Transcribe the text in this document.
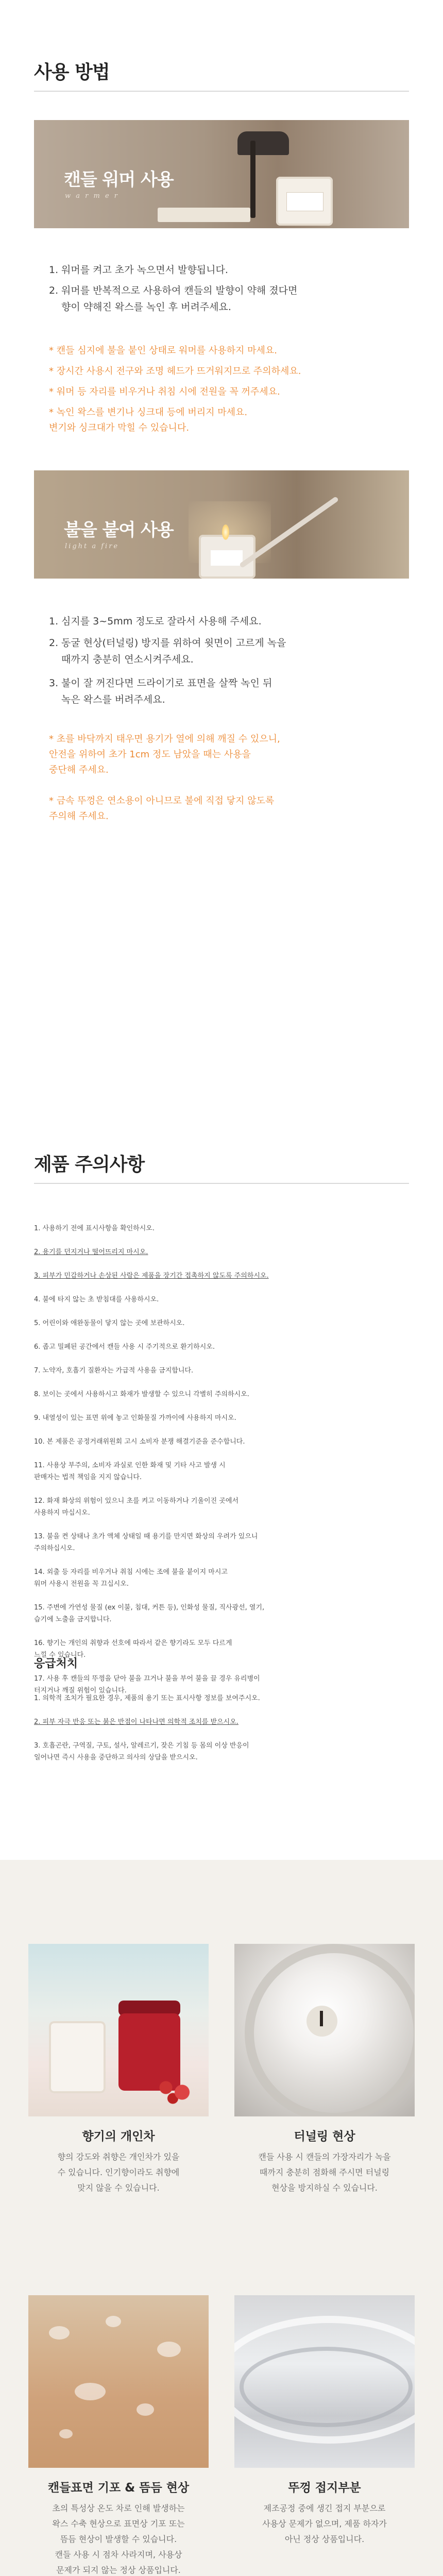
사용 방법
캔들 워머 사용
w a r m e r
1. 워머를 켜고 초가 녹으면서 발향됩니다.
2. 워머를 반복적으로 사용하여 캔들의 발향이 약해 졌다면
향이 약해진 왁스를 녹인 후 버려주세요.
* 캔들 심지에 불을 붙인 상태로 워머를 사용하지 마세요.
* 장시간 사용시 전구와 조명 헤드가 뜨거워지므로 주의하세요.
* 워머 등 자리를 비우거나 취침 시에 전원을 꼭 꺼주세요.
* 녹인 왁스를 변기나 싱크대 등에 버리지 마세요.
변기와 싱크대가 막힐 수 있습니다.
불을 붙여 사용
light a fire
1. 심지를 3~5mm 정도로 잘라서 사용해 주세요.
2. 동굴 현상(터널링) 방지를 위하여 윗면이 고르게 녹을
때까지 충분히 연소시켜주세요.
3. 불이 잘 꺼진다면 드라이기로 표면을 살짝 녹인 뒤
녹은 왁스를 버려주세요.
* 초를 바닥까지 태우면 용기가 열에 의해 깨질 수 있으니,
안전을 위하여 초가 1cm 정도 남았을 때는 사용을
중단해 주세요.
* 금속 뚜껑은 연소용이 아니므로 불에 직접 닿지 않도록
주의해 주세요.
제품 주의사항

1. 사용하기 전에 표시사항을 확인하시오.

2. 용기를 던지거나 떨어뜨리지 마시오.

3. 피부가 민감하거나 손상된 사람은 제품을 장기간 접촉하지 않도록 주의하시오.

4. 불에 타지 않는 초 받침대를 사용하시오.

5. 어린이와 애완동물이 닿지 않는 곳에 보관하시오.

6. 좁고 밀폐된 공간에서 캔들 사용 시 주기적으로 환기하시오.

7. 노약자, 호흡기 질환자는 가급적 사용을 금지합니다.

8. 보이는 곳에서 사용하시고 화재가 발생할 수 있으니 각별히 주의하시오.

9. 내열성이 있는 표면 위에 놓고 인화물질 가까이에 사용하지 마시오.

10. 본 제품은 공정거래위원회 고시 소비자 분쟁 해결기준을 준수합니다.

11. 사용상 부주의, 소비자 과실로 인한 화재 및 기타 사고 발생 시
판매자는 법적 책임을 지지 않습니다.

12. 화재 화상의 위험이 있으니 초를 켜고 이동하거나 기울이진 곳에서
사용하지 마십시오.

13. 불을 켠 상태나 초가 액체 상태일 때 용기를 만지면 화상의 우려가 있으니
주의하십시오.

14. 외출 등 자리를 비우거나 취침 시에는 조에 불을 붙이지 마시고
워머 사용시 전원을 꼭 끄십시오.

15. 주변에 가연성 물질 (ex 이불, 침대, 커튼 등), 인화성 물질, 직사광선, 열기,
습기에 노출을 금지합니다.

16. 향기는 개인의 취향과 선호에 따라서 같은 향기라도 모두 다르게
느낄 수 있습니다.

17. 사용 후 캔들의 뚜껑을 닫아 불을 끄거나 불을 부어 불을 끌 경우 유리병이
터지거나 깨질 위험이 있습니다.

응급처치

1. 의학적 조치가 필요한 경우, 제품의 용기 또는 표시사항 정보를 보여주시오.

2. 피부 자극 반응 또는 붉은 반점이 나타나면 의학적 조치를 받으시오.

3. 호흡곤란, 구역질, 구토, 설사, 알레르기, 잦은 기침 등 몸의 이상 반응이
일어나면 즉시 사용을 중단하고 의사의 상담을 받으시오.

향기의 개인차
향의 강도와 취향은 개인차가 있을
수 있습니다. 인기향이라도 취향에
맞지 않을 수 있습니다.
터널링 현상
캔들 사용 시 캔들의 가장자리가 녹을
때까지 충분히 점화해 주시면 터널링
현상을 방지하실 수 있습니다.
캔들표면 기포 & 뜸듬 현상
초의 특성상 온도 차로 인해 발생하는
왁스 수축 현상으로 표면상 기포 또는
뜸듬 현상이 발생할 수 있습니다.
캔들 사용 시 점차 사라지며, 사용상
문제가 되지 않는 정상 상품입니다.
뚜껑 접지부분
제조공정 중에 생긴 접지 부분으로
사용상 문제가 없으며, 제품 하자가
아닌 정상 상품입니다.
